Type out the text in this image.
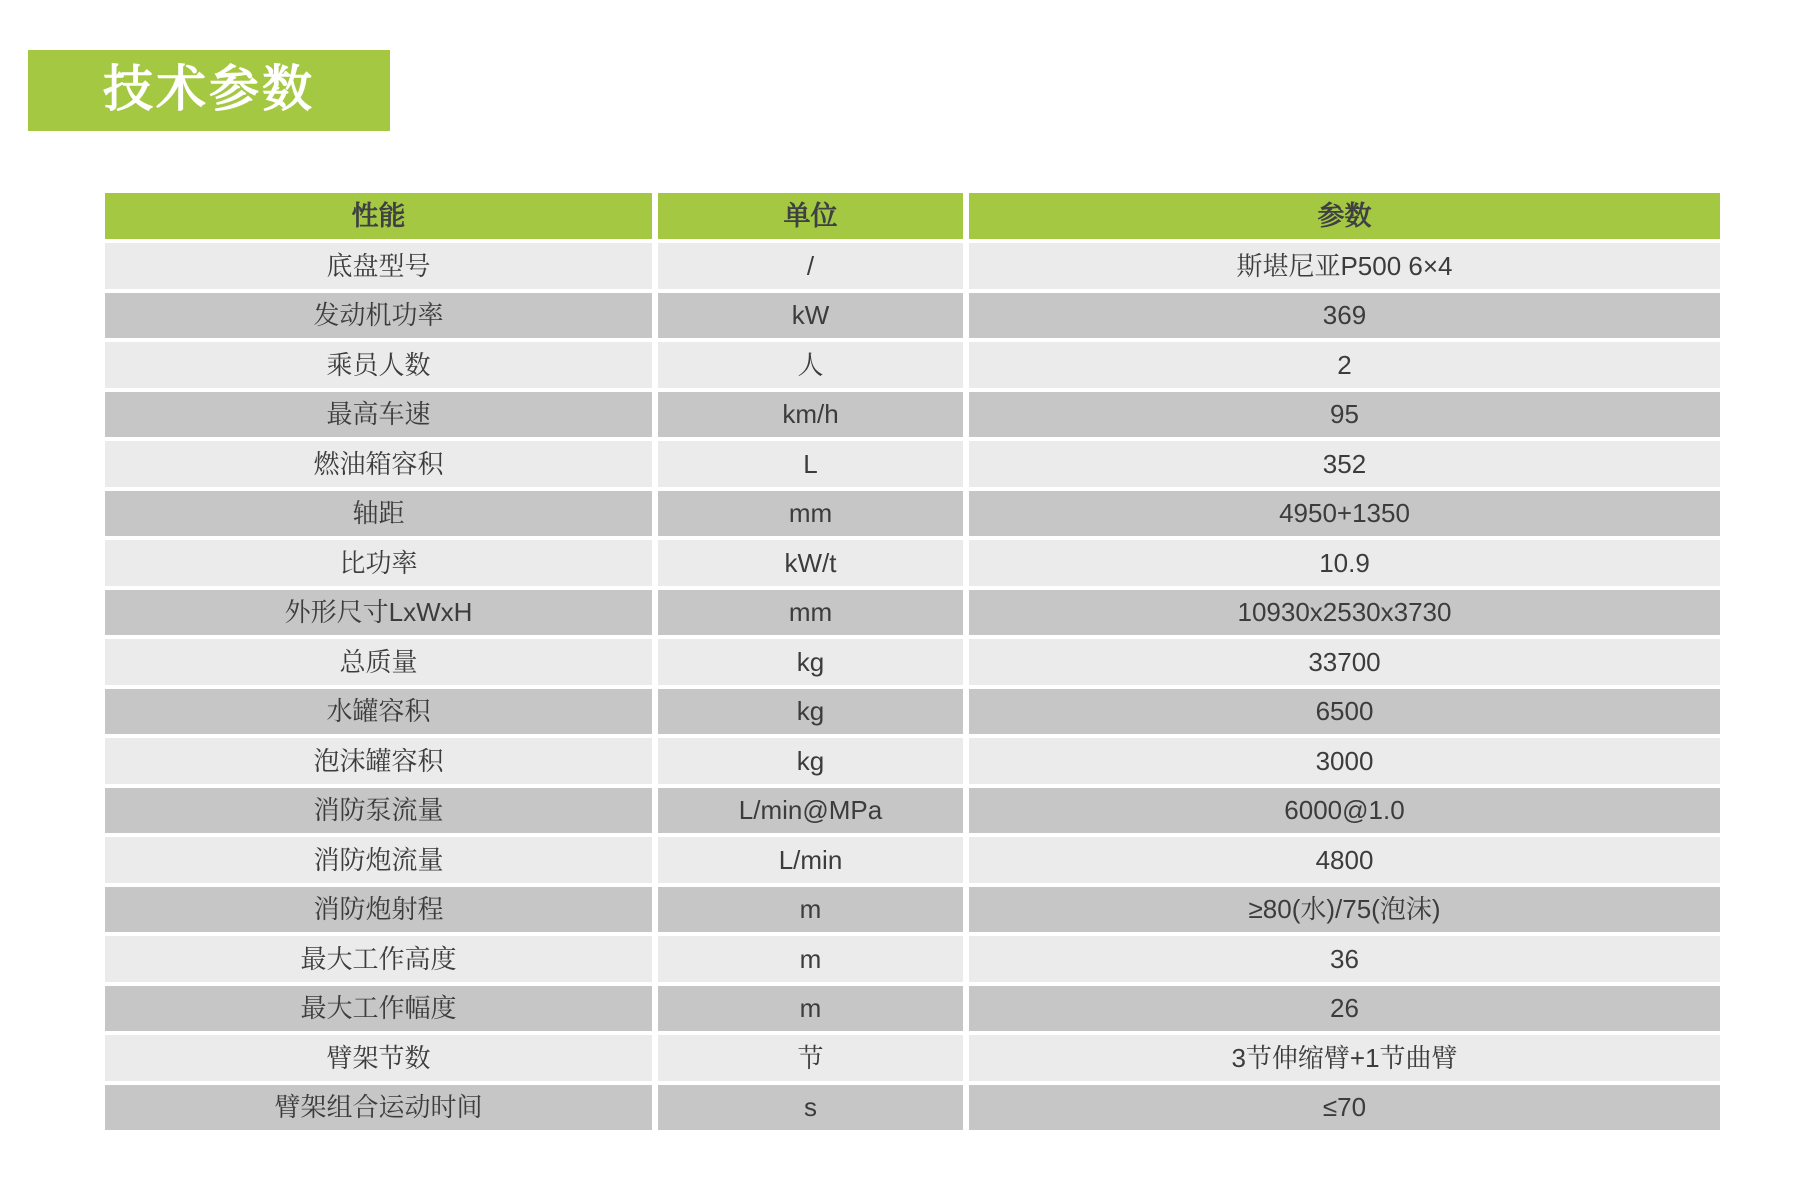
技术参数
性能	单位	参数
底盘型号	/	斯堪尼亚P500 6×4
发动机功率	kW	369
乘员人数	人	2
最高车速	km/h	95
燃油箱容积	L	352
轴距	mm	4950+1350
比功率	kW/t	10.9
外形尺寸LxWxH	mm	10930x2530x3730
总质量	kg	33700
水罐容积	kg	6500
泡沫罐容积	kg	3000
消防泵流量	L/min@MPa	6000@1.0
消防炮流量	L/min	4800
消防炮射程	m	≥80(水)/75(泡沫)
最大工作高度	m	36
最大工作幅度	m	26
臂架节数	节	3节伸缩臂+1节曲臂
臂架组合运动时间	s	≤70
